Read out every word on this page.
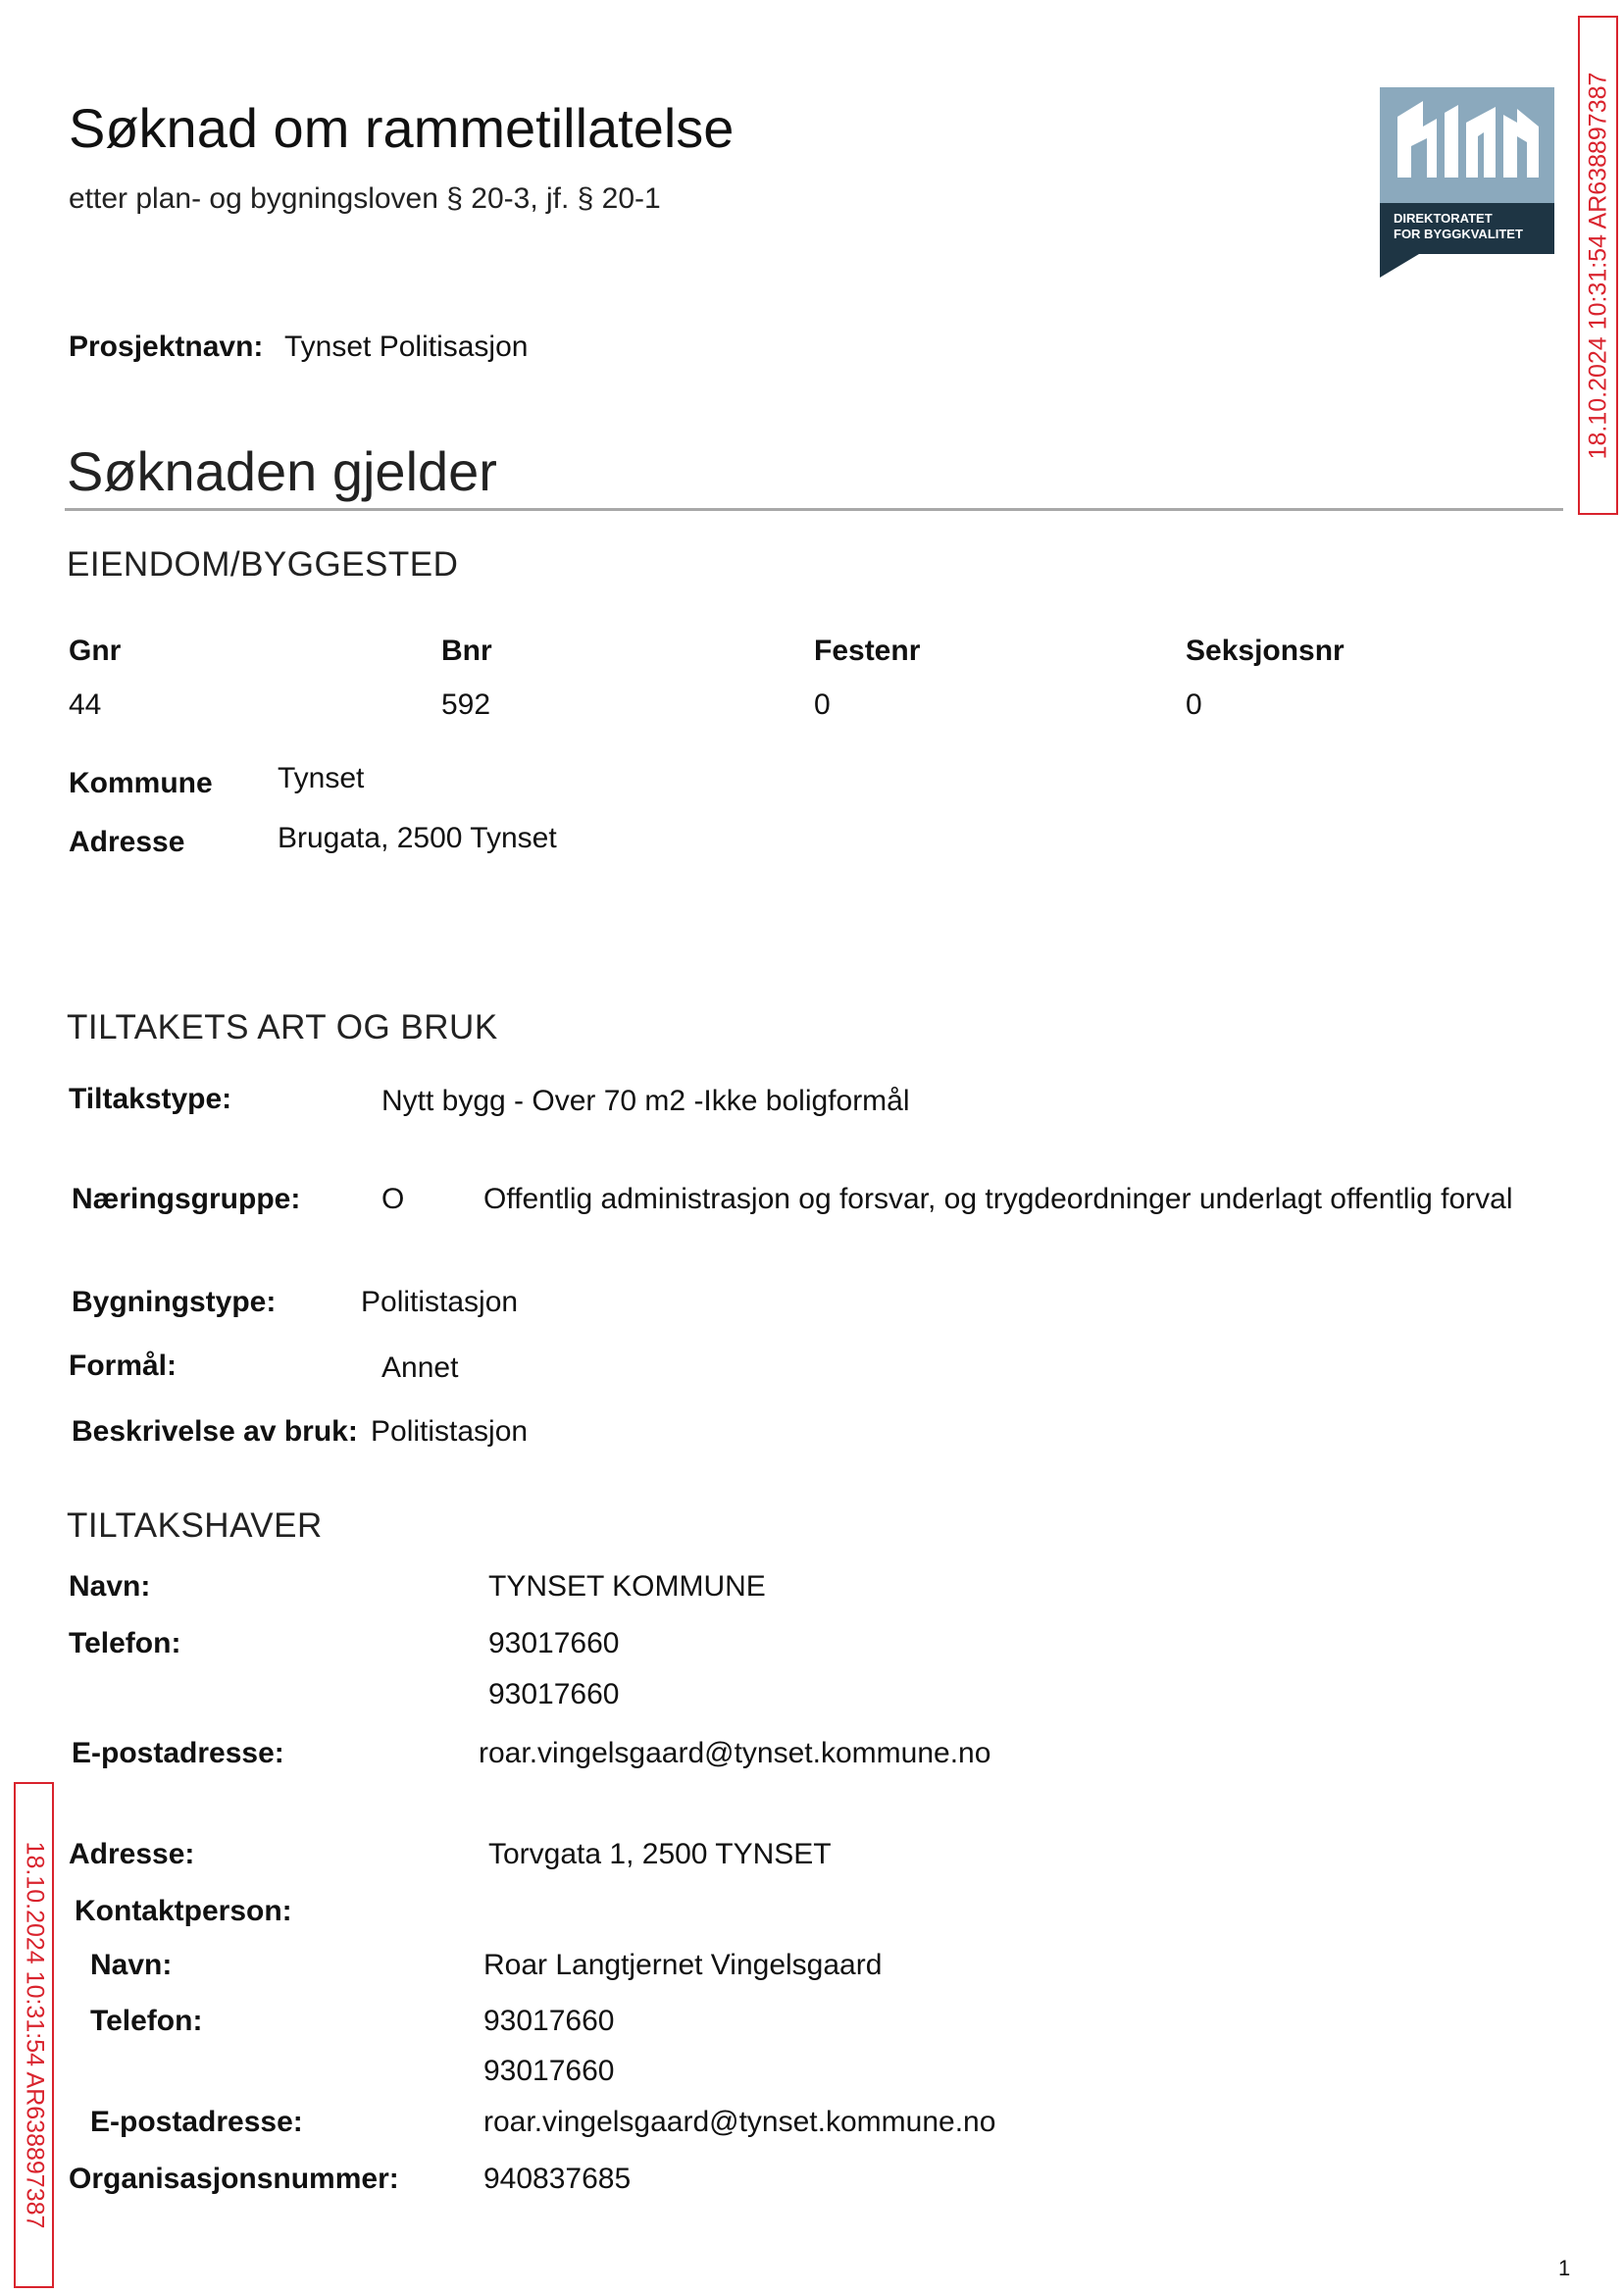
Søknad om rammetillatelse
etter plan- og bygningsloven § 20-3, jf. § 20-1
DIREKTORATET
FOR BYGGKVALITET	18.10.2024 10:31:54 AR638897387
18.10.2024 10:31:54 AR638897387
Prosjektnavn: Tynset Politisasjon
Søknaden gjelder
EIENDOM/BYGGESTED
Gnr	Bnr	Festenr	Seksjonsnr
44	592	0	0
Kommune Tynset
Adresse	Brugata, 2500 Tynset
TILTAKETS ART OG BRUK
Tiltakstype:	Nytt bygg - Over 70 m2 -Ikke boligformål
Næringsgruppe:	O	Offentlig administrasjon og forsvar, og trygdeordninger underlagt offentlig forval
Bygningstype:	Politistasjon
Formål:	Annet
Beskrivelse av bruk: Politistasjon
TILTAKSHAVER
Navn:	TYNSET KOMMUNE
Telefon:	93017660
93017660
E-postadresse:	roar.vingelsgaard@tynset.kommune.no
Adresse:	Torvgata 1, 2500 TYNSET
Kontaktperson:
Navn:	Roar Langtjernet Vingelsgaard
Telefon:	93017660
93017660
E-postadresse:	roar.vingelsgaard@tynset.kommune.no
Organisasjonsnummer:	940837685
1
